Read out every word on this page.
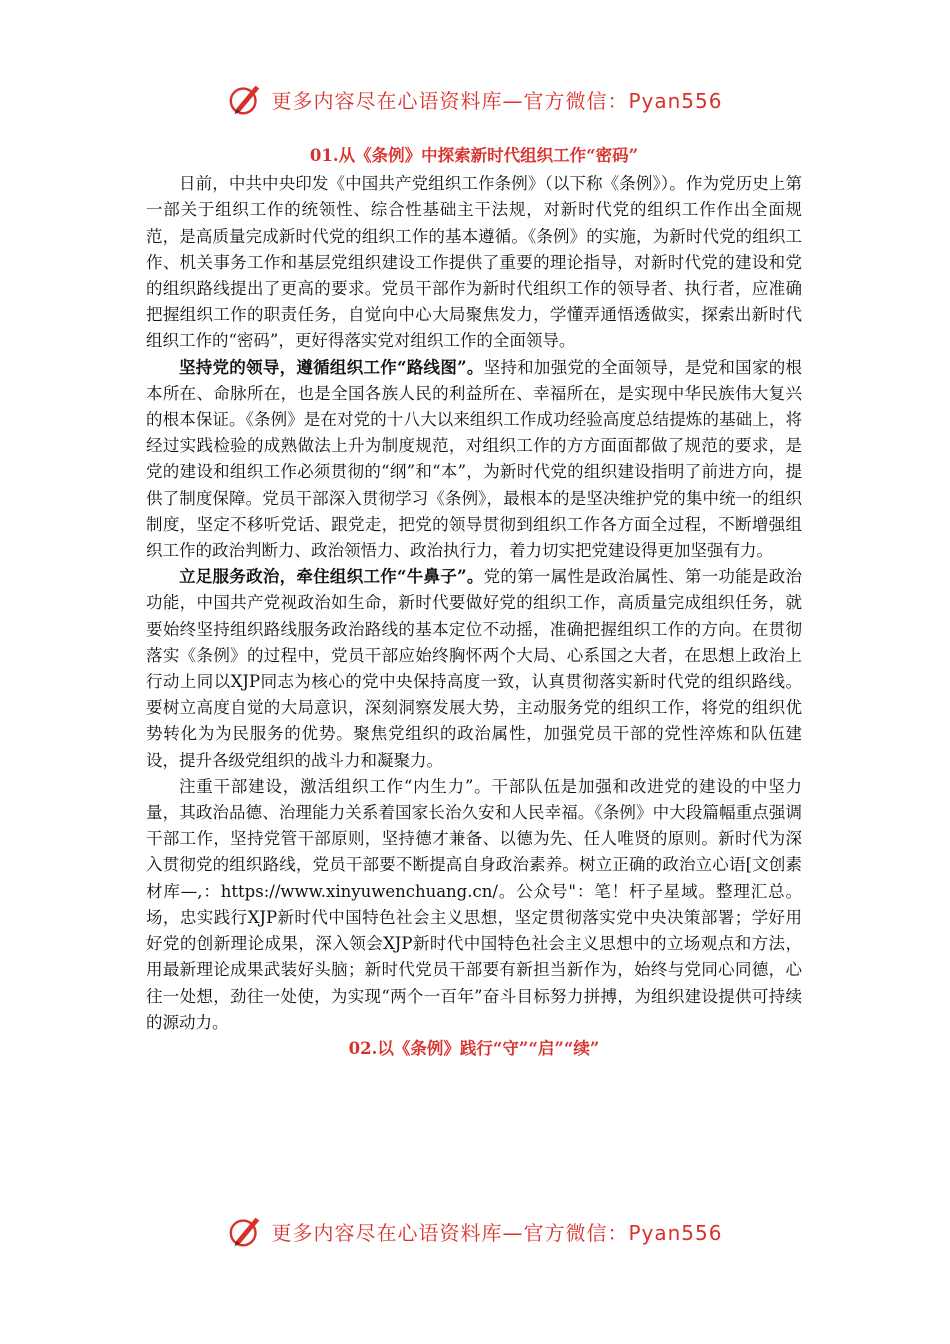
更多内容尽在心语资料库—官方微信：Pyan556

01.从《条例》中探索新时代组织工作“密码”

日前，中共中央印发《中国共产党组织工作条例》（以下称《条例》）。作为党历史上第一部关于组织工作的统领性、综合性基础主干法规，对新时代党的组织工作作出全面规范，是高质量完成新时代党的组织工作的基本遵循。《条例》的实施，为新时代党的组织工作、机关事务工作和基层党组织建设工作提供了重要的理论指导，对新时代党的建设和党的组织路线提出了更高的要求。党员干部作为新时代组织工作的领导者、执行者，应准确把握组织工作的职责任务，自觉向中心大局聚焦发力，学懂弄通悟透做实，探索出新时代组织工作的“密码”，更好得落实党对组织工作的全面领导。

坚持党的领导，遵循组织工作“路线图”。坚持和加强党的全面领导，是党和国家的根本所在、命脉所在，也是全国各族人民的利益所在、幸福所在，是实现中华民族伟大复兴的根本保证。《条例》是在对党的十八大以来组织工作成功经验高度总结提炼的基础上，将经过实践检验的成熟做法上升为制度规范，对组织工作的方方面面都做了规范的要求，是党的建设和组织工作必须贯彻的“纲”和“本”，为新时代党的组织建设指明了前进方向，提供了制度保障。党员干部深入贯彻学习《条例》，最根本的是坚决维护党的集中统一的组织制度，坚定不移听党话、跟党走，把党的领导贯彻到组织工作各方面全过程，不断增强组织工作的政治判断力、政治领悟力、政治执行力，着力切实把党建设得更加坚强有力。

立足服务政治，牵住组织工作“牛鼻子”。党的第一属性是政治属性、第一功能是政治功能，中国共产党视政治如生命，新时代要做好党的组织工作，高质量完成组织任务，就要始终坚持组织路线服务政治路线的基本定位不动摇，准确把握组织工作的方向。在贯彻落实《条例》的过程中，党员干部应始终胸怀两个大局、心系国之大者，在思想上政治上行动上同以XJP同志为核心的党中央保持高度一致，认真贯彻落实新时代党的组织路线。要树立高度自觉的大局意识，深刻洞察发展大势，主动服务党的组织工作，将党的组织优势转化为为民服务的优势。聚焦党组织的政治属性，加强党员干部的党性淬炼和队伍建设，提升各级党组织的战斗力和凝聚力。

注重干部建设，激活组织工作“内生力”。干部队伍是加强和改进党的建设的中坚力量，其政治品德、治理能力关系着国家长治久安和人民幸福。《条例》中大段篇幅重点强调干部工作，坚持党管干部原则，坚持德才兼备、以德为先、任人唯贤的原则。新时代为深入贯彻党的组织路线，党员干部要不断提高自身政治素养。树立正确的政治立心语[文创素材库—,：https://www.xinyuwenchuang.cn/。公众号"：笔！杆子星域。整理汇总。场，忠实践行XJP新时代中国特色社会主义思想，坚定贯彻落实党中央决策部署；学好用好党的创新理论成果，深入领会XJP新时代中国特色社会主义思想中的立场观点和方法，用最新理论成果武装好头脑；新时代党员干部要有新担当新作为，始终与党同心同德，心往一处想，劲往一处使，为实现“两个一百年”奋斗目标努力拼搏，为组织建设提供可持续的源动力。

02.以《条例》践行“守”“启”“续”

更多内容尽在心语资料库—官方微信：Pyan556
